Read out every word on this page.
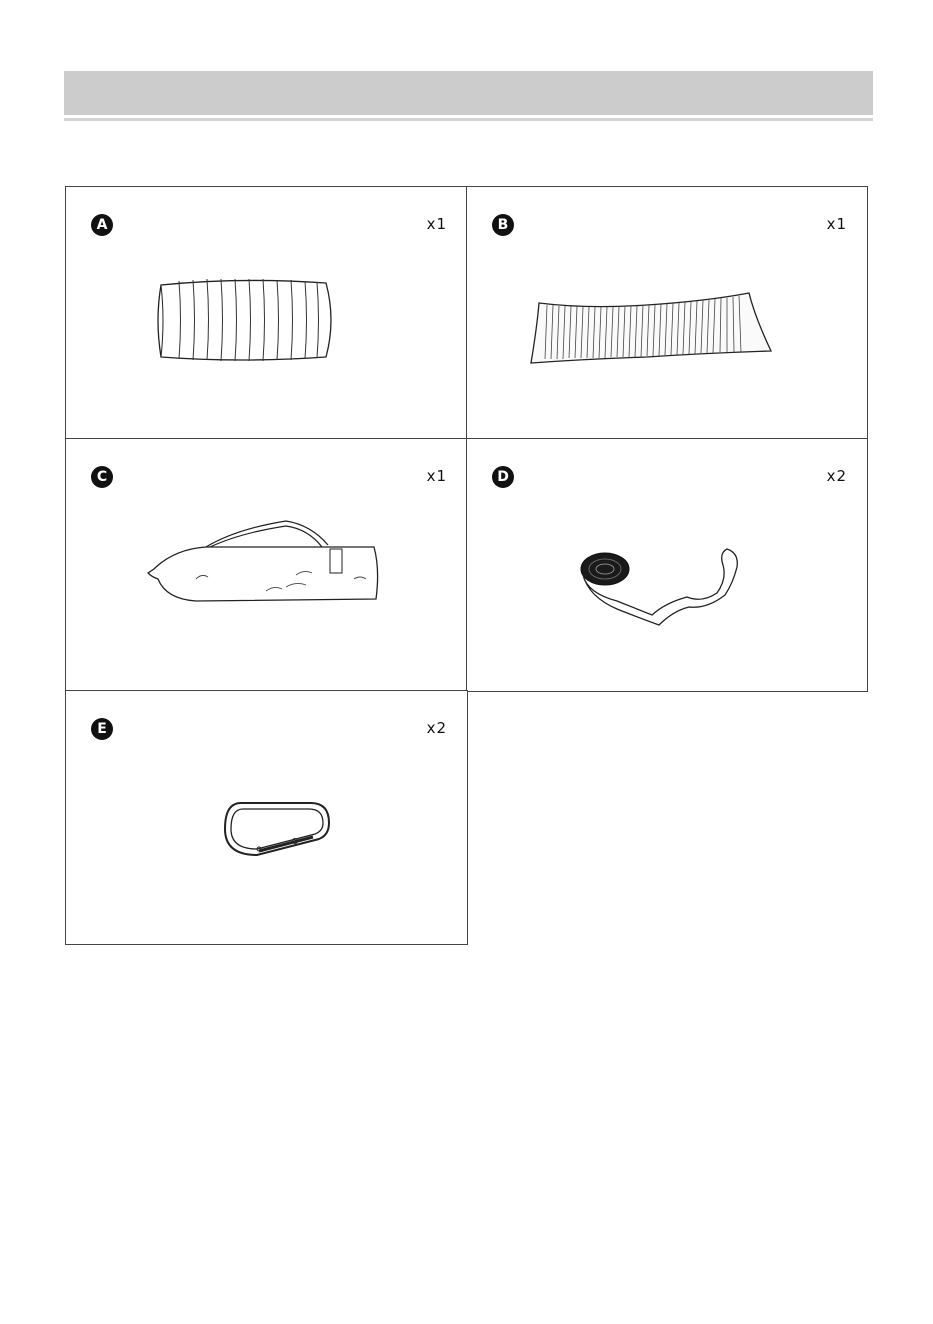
A	x1	B	x1
C	x1	D	x2
E	x2
